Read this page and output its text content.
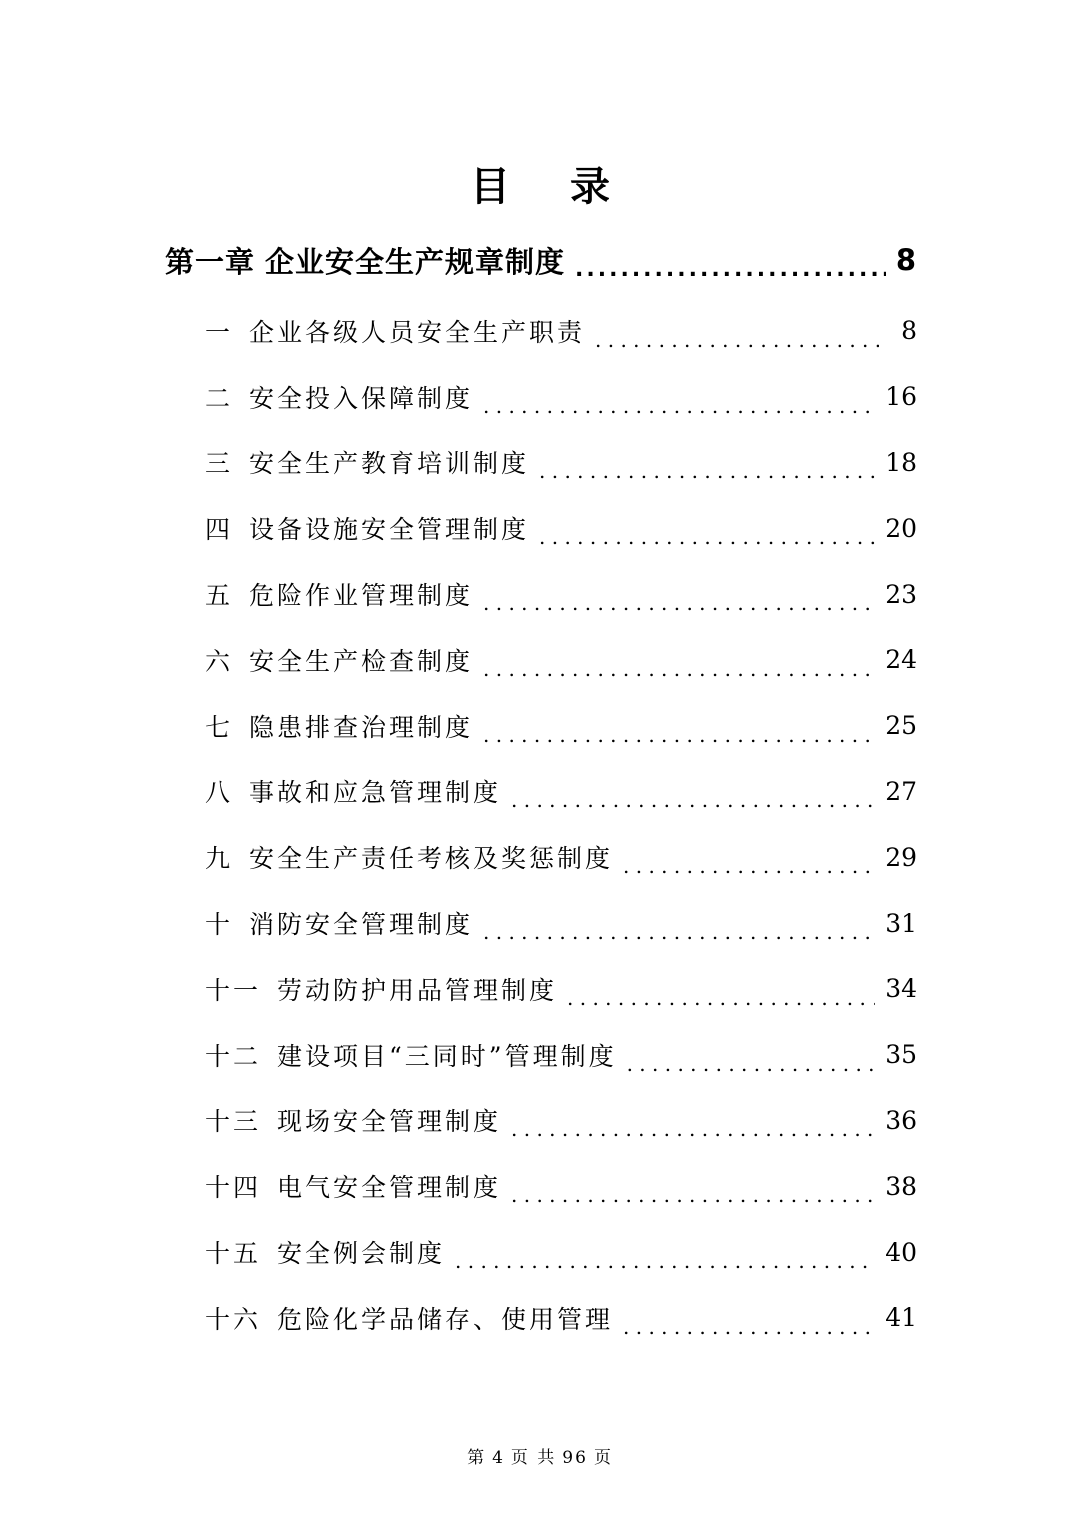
目 录
第一章 企业安全生产规章制度 .....	8
一 企业各级人员安全生产职责 . . .	8
二 安全投入保障制度 . . .	16
三 安全生产教育培训制度 . . .	18
四 设备设施安全管理制度 . . .	20
五 危险作业管理制度 . . .	23
六 安全生产检查制度 . . .	24
七 隐患排查治理制度 . . .	25
八 事故和应急管理制度 . . .	27
九 安全生产责任考核及奖惩制度 . . .	29
十 消防安全管理制度 . . .	31
十一 劳动防护用品管理制度 . . .	34
十二 建设项目“三同时”管理制度 . . .	35
十三 现场安全管理制度 . . .	36
十四 电气安全管理制度 . . .	38
十五 安全例会制度 . . .	40
十六 危险化学品储存、使用管理 . . .	41
第 4 页 共 96 页
